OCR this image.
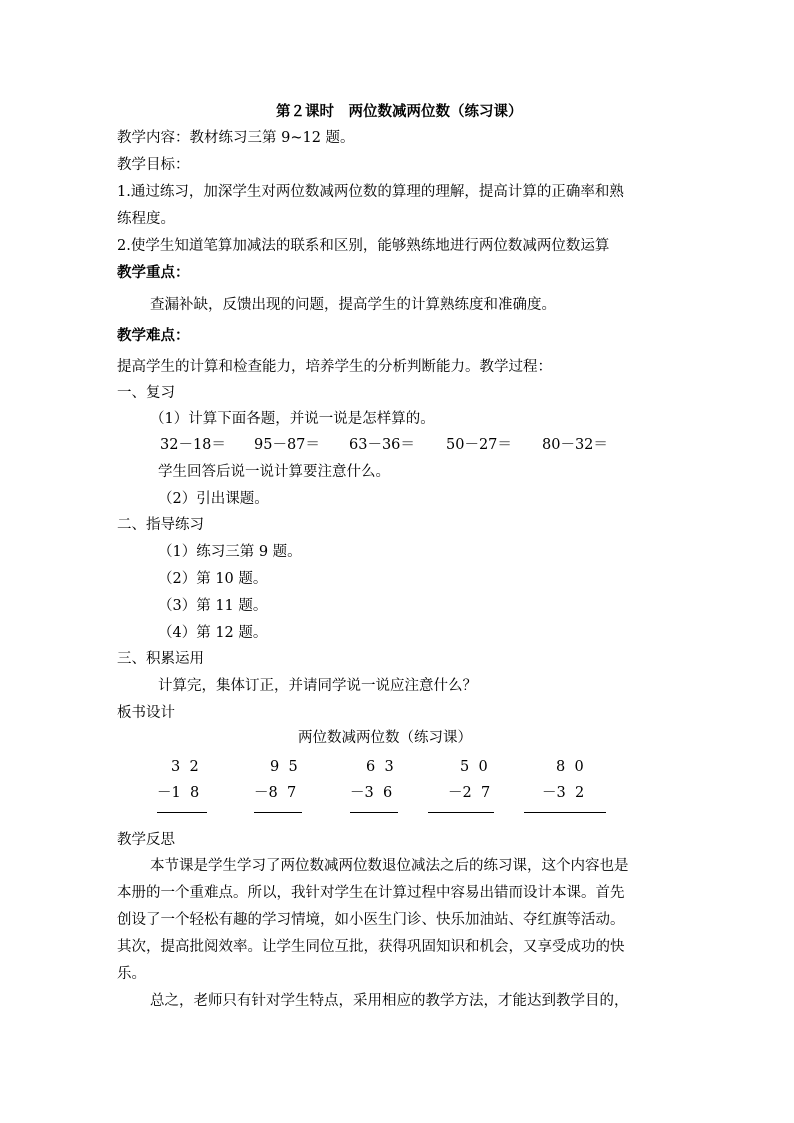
第２课时　两位数减两位数（练习课）
教学内容：教材练习三第 9~12 题。
教学目标：
1.通过练习，加深学生对两位数减两位数的算理的理解，提高计算的正确率和熟
练程度。
2.使学生知道笔算加减法的联系和区别，能够熟练地进行两位数减两位数运算
教学重点：
查漏补缺，反馈出现的问题，提高学生的计算熟练度和准确度。
教学难点：
提高学生的计算和检查能力，培养学生的分析判断能力。教学过程：
一、复习
（1）计算下面各题，并说一说是怎样算的。
32－18＝ 95－87＝ 63－36＝ 50－27＝ 80－32＝
学生回答后说一说计算要注意什么。
（2）引出课题。
二、指导练习
（1）练习三第 9 题。
（2）第 10 题。
（3）第 11 题。
（4）第 12 题。
三、积累运用
计算完，集体订正，并请同学说一说应注意什么？
板书设计
两位数减两位数（练习课）
3  2
－1  8
9  5
－8  7
6  3
－3  6
5  0
－2  7
8  0
－3  2
教学反思
本节课是学生学习了两位数减两位数退位减法之后的练习课，这个内容也是
本册的一个重难点。所以，我针对学生在计算过程中容易出错而设计本课。首先
创设了一个轻松有趣的学习情境，如小医生门诊、快乐加油站、夺红旗等活动。
其次，提高批阅效率。让学生同位互批，获得巩固知识和机会，又享受成功的快
乐。
总之，老师只有针对学生特点，采用相应的教学方法，才能达到教学目的，
